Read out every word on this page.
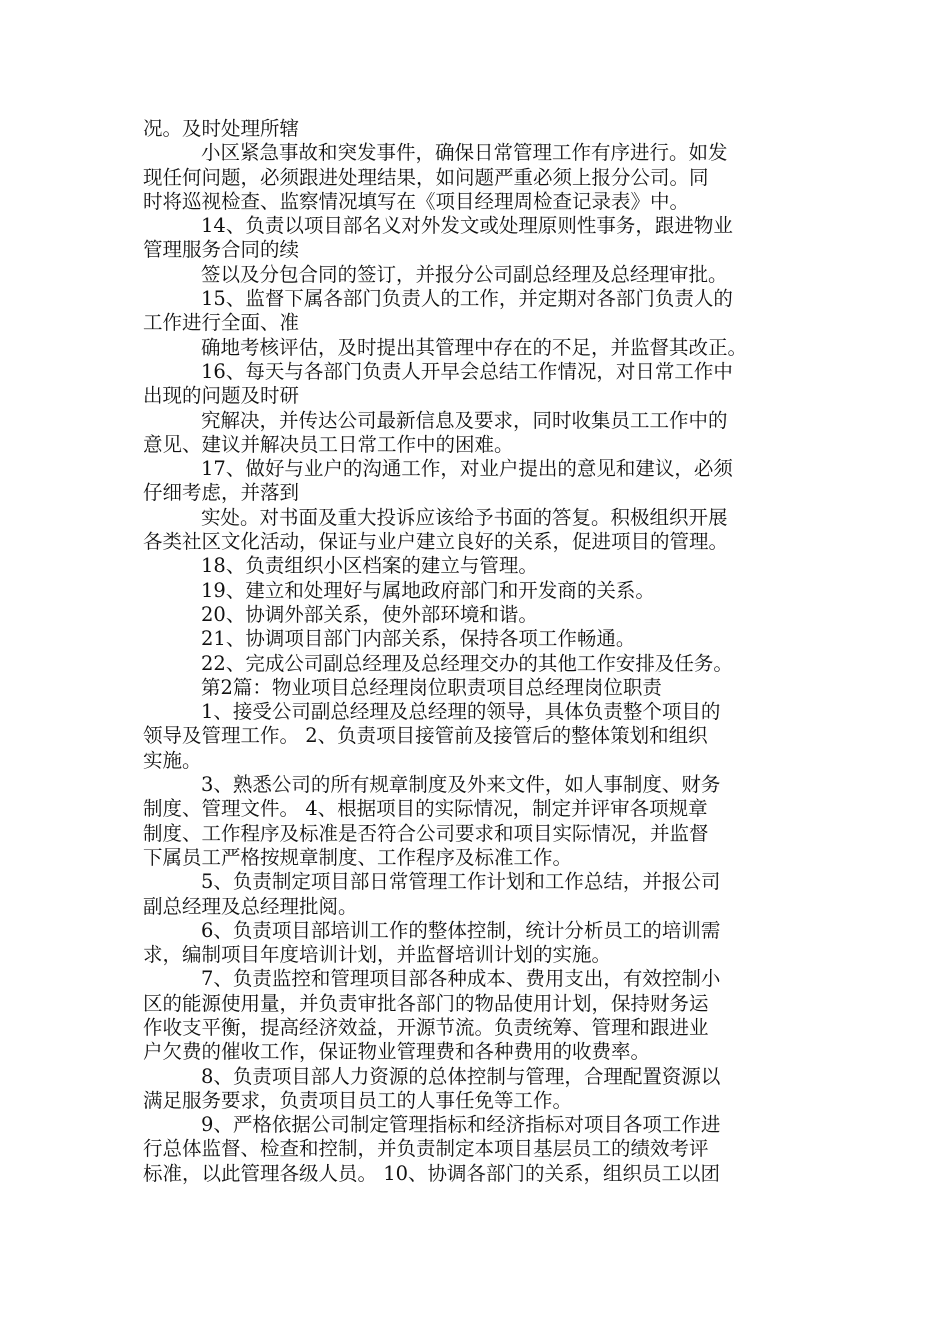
况。及时处理所辖
小区紧急事故和突发事件，确保日常管理工作有序进行。如发
现任何问题，必须跟进处理结果，如问题严重必须上报分公司。同
时将巡视检查、监察情况填写在《项目经理周检查记录表》中。
14、负责以项目部名义对外发文或处理原则性事务，跟进物业
管理服务合同的续
签以及分包合同的签订，并报分公司副总经理及总经理审批。
15、监督下属各部门负责人的工作，并定期对各部门负责人的
工作进行全面、准
确地考核评估，及时提出其管理中存在的不足，并监督其改正。
16、每天与各部门负责人开早会总结工作情况，对日常工作中
出现的问题及时研
究解决，并传达公司最新信息及要求，同时收集员工工作中的
意见、建议并解决员工日常工作中的困难。
17、做好与业户的沟通工作，对业户提出的意见和建议，必须
仔细考虑，并落到
实处。对书面及重大投诉应该给予书面的答复。积极组织开展
各类社区文化活动，保证与业户建立良好的关系，促进项目的管理。
18、负责组织小区档案的建立与管理。
19、建立和处理好与属地政府部门和开发商的关系。
20、协调外部关系，使外部环境和谐。
21、协调项目部门内部关系，保持各项工作畅通。
22、完成公司副总经理及总经理交办的其他工作安排及任务。
第2篇：物业项目总经理岗位职责项目总经理岗位职责
1、接受公司副总经理及总经理的领导，具体负责整个项目的
领导及管理工作。 2、负责项目接管前及接管后的整体策划和组织
实施。
3、熟悉公司的所有规章制度及外来文件，如人事制度、财务
制度、管理文件。 4、根据项目的实际情况，制定并评审各项规章
制度、工作程序及标准是否符合公司要求和项目实际情况，并监督
下属员工严格按规章制度、工作程序及标准工作。
5、负责制定项目部日常管理工作计划和工作总结，并报公司
副总经理及总经理批阅。
6、负责项目部培训工作的整体控制，统计分析员工的培训需
求，编制项目年度培训计划，并监督培训计划的实施。
7、负责监控和管理项目部各种成本、费用支出，有效控制小
区的能源使用量，并负责审批各部门的物品使用计划，保持财务运
作收支平衡，提高经济效益，开源节流。负责统筹、管理和跟进业
户欠费的催收工作，保证物业管理费和各种费用的收费率。
8、负责项目部人力资源的总体控制与管理，合理配置资源以
满足服务要求，负责项目员工的人事任免等工作。
9、严格依据公司制定管理指标和经济指标对项目各项工作进
行总体监督、检查和控制，并负责制定本项目基层员工的绩效考评
标准，以此管理各级人员。 10、协调各部门的关系，组织员工以团
